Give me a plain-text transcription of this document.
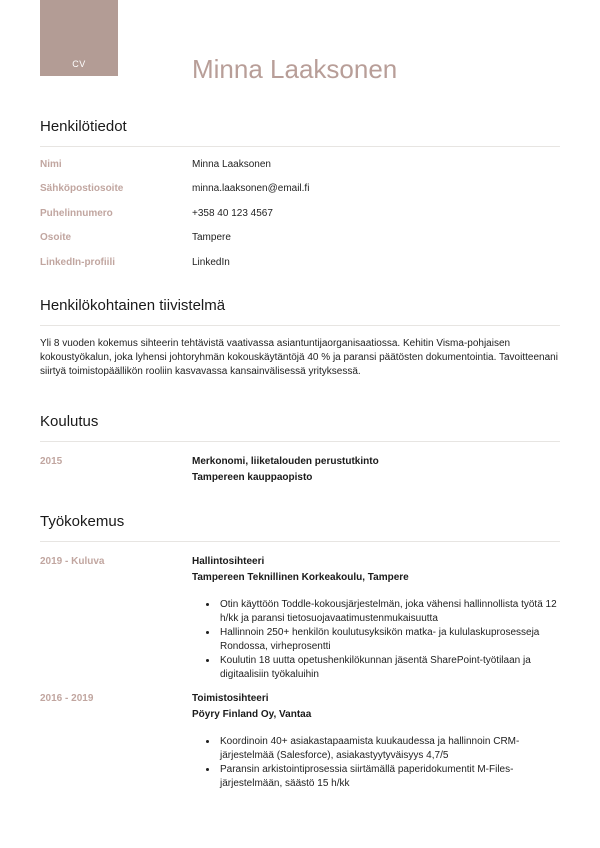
CV	Minna Laaksonen
Henkilötiedot
Nimi	Minna Laaksonen
Sähköpostiosoite	minna.laaksonen@email.fi
Puhelinnumero	+358 40 123 4567
Osoite	Tampere
LinkedIn-profiili	LinkedIn
Henkilökohtainen tiivistelmä

Yli 8 vuoden kokemus sihteerin tehtävistä vaativassa asiantuntijaorganisaatiossa. Kehitin Visma-pohjaisen kokoustyökalun, joka lyhensi johtoryhmän kokouskäytäntöjä 40 % ja paransi päätösten dokumentointia. Tavoitteenani siirtyä toimistopäällikön rooliin kasvavassa kansainvälisessä yrityksessä.

Koulutus
2015	Merkonomi, liiketalouden perustutkinto
Tampereen kauppaopisto
Työkokemus
2019 - Kuluva	Hallintosihteeri
Tampereen Teknillinen Korkeakoulu, Tampere
• Otin käyttöön Toddle-kokousjärjestelmän, joka vähensi hallinnollista työtä 12 h/kk ja paransi tietosuojavaatimustenmukaisuutta
• Hallinnoin 250+ henkilön koulutusyksikön matka- ja kululaskuprosesseja Rondossa, virheprosentti
• Koulutin 18 uutta opetushenkilökunnan jäsentä SharePoint-työtilaan ja digitaalisiin työkaluihin
2016 - 2019	Toimistosihteeri
Pöyry Finland Oy, Vantaa
• Koordinoin 40+ asiakastapaamista kuukaudessa ja hallinnoin CRM-järjestelmää (Salesforce), asiakastyytyväisyys 4,7/5
• Paransin arkistointiprosessia siirtämällä paperidokumentit M-Files-järjestelmään, säästö 15 h/kk
